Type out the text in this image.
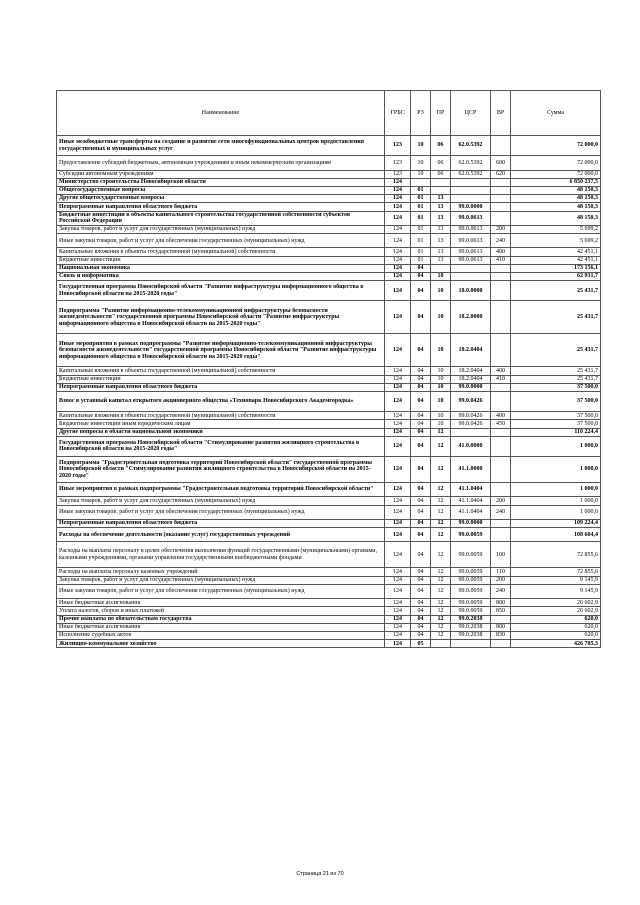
Наименование	ГРБС	РЗ	ПР	ЦСР	ВР	Сумма
Иные межбюджетные трансферты на создание и развитие сети многофункциональных центров предоставления государственных и муниципальных услуг	123	10	06	62.0.5392		72 000,0
Предоставление субсидий бюджетным, автономным учреждениям и иным некоммерческим организациям	123	10	06	62.0.5392	600	72 000,0
Субсидии автономным учреждениям	123	10	06	62.0.5392	620	72 000,0
Министерство строительства Новосибирской области	124					6 850 237,5
Общегосударственные вопросы	124	01				48 150,3
Другие общегосударственные вопросы	124	01	13			48 150,3
Непрограммные направления областного бюджета	124	01	13	99.0.0000		48 150,3
Бюджетные инвестиции в объекты капитального строительства государственной собственности субъектов Российской Федерации	124	01	13	99.0.0613		48 150,3
Закупка товаров, работ и услуг для государственных (муниципальных) нужд	124	01	13	99.0.0613	200	5 699,2
Иные закупки товаров, работ и услуг для обеспечения государственных (муниципальных) нужд	124	01	13	99.0.0613	240	5 699,2
Капитальные вложения в объекты государственной (муниципальной) собственности	124	01	13	99.0.0613	400	42 451,1
Бюджетные инвестиции	124	01	13	99.0.0613	410	42 451,1
Национальная экономика	124	04				173 156,1
Связь и информатика	124	04	10			62 931,7
Государственная программа Новосибирской области "Развитие инфраструктуры информационного общества в Новосибирской области на 2015-2020 годы"	124	04	10	18.0.0000		25 431,7
Подпрограмма "Развитие информационно-телекоммуникационной инфраструктуры безопасности жизнедеятельности" государственной программы Новосибирской области "Развитие инфраструктуры информационного общества в Новосибирской области на 2015-2020 годы"	124	04	10	18.2.0000		25 431,7
Иные мероприятия в рамках подпрограммы "Развитие информационно-телекоммуникационной инфраструктуры безопасности жизнедеятельности" государственной программы Новосибирской области "Развитие инфраструктуры информационного общества в Новосибирской области на 2015-2020 годы"	124	04	10	18.2.0404		25 431,7
Капитальные вложения в объекты государственной (муниципальной) собственности	124	04	10	18.2.0404	400	25 431,7
Бюджетные инвестиции	124	04	10	18.2.0404	410	25 431,7
Непрограммные направления областного бюджета	124	04	10	99.0.0000		37 500,0
Взнос в уставный капитал открытого акционерного общества «Технопарк Новосибирского Академгородка»	124	04	10	99.0.0426		37 500,0
Капитальные вложения в объекты государственной (муниципальной) собственности	124	04	10	99.0.0426	400	37 500,0
Бюджетные инвестиции иным юридическим лицам	124	04	10	99.0.0426	450	37 500,0
Другие вопросы в области национальной экономики	124	04	12			110 224,4
Государственная программа Новосибирской области "Стимулирование развития жилищного строительства в Новосибирской области на 2015-2020 годы"	124	04	12	41.0.0000		1 000,0
Подпрограмма "Градостроительная подготовка территорий Новосибирской области" государственной программы Новосибирской области "Стимулирование развития жилищного строительства в Новосибирской области на 2015-2020 годы"	124	04	12	41.1.0000		1 000,0
Иные мероприятия в рамках подпрограммы "Градостроительная подготовка территорий Новосибирской области"	124	04	12	41.1.0404		1 000,0
Закупка товаров, работ и услуг для государственных (муниципальных) нужд	124	04	12	41.1.0404	200	1 000,0
Иные закупки товаров, работ и услуг для обеспечения государственных (муниципальных) нужд	124	04	12	41.1.0404	240	1 000,0
Непрограммные направления областного бюджета	124	04	12	99.0.0000		109 224,4
Расходы на обеспечение деятельности (оказание услуг) государственных учреждений	124	04	12	99.0.0059		108 604,4
Расходы на выплаты персоналу в целях обеспечения выполнения функций государственными (муниципальными) органами, казенными учреждениями, органами управления государственными внебюджетными фондами	124	04	12	99.0.0059	100	72 855,6
Расходы на выплаты персоналу казенных учреждений	124	04	12	99.0.0059	110	72 855,6
Закупка товаров, работ и услуг для государственных (муниципальных) нужд	124	04	12	99.0.0059	200	9 145,9
Иные закупки товаров, работ и услуг для обеспечения государственных (муниципальных) нужд	124	04	12	99.0.0059	240	9 145,9
Иные бюджетные ассигнования	124	04	12	99.0.0059	800	26 602,9
Уплата налогов, сборов и иных платежей	124	04	12	99.0.0059	850	26 602,9
Прочие выплаты по обязательствам государства	124	04	12	99.0.2038		620,0
Иные бюджетные ассигнования	124	04	12	99.0.2038	800	620,0
Исполнение судебных актов	124	04	12	99.0.2038	830	620,0
Жилищно-коммунальное хозяйство	124	05				426 785,3
Страница 21 из 70
